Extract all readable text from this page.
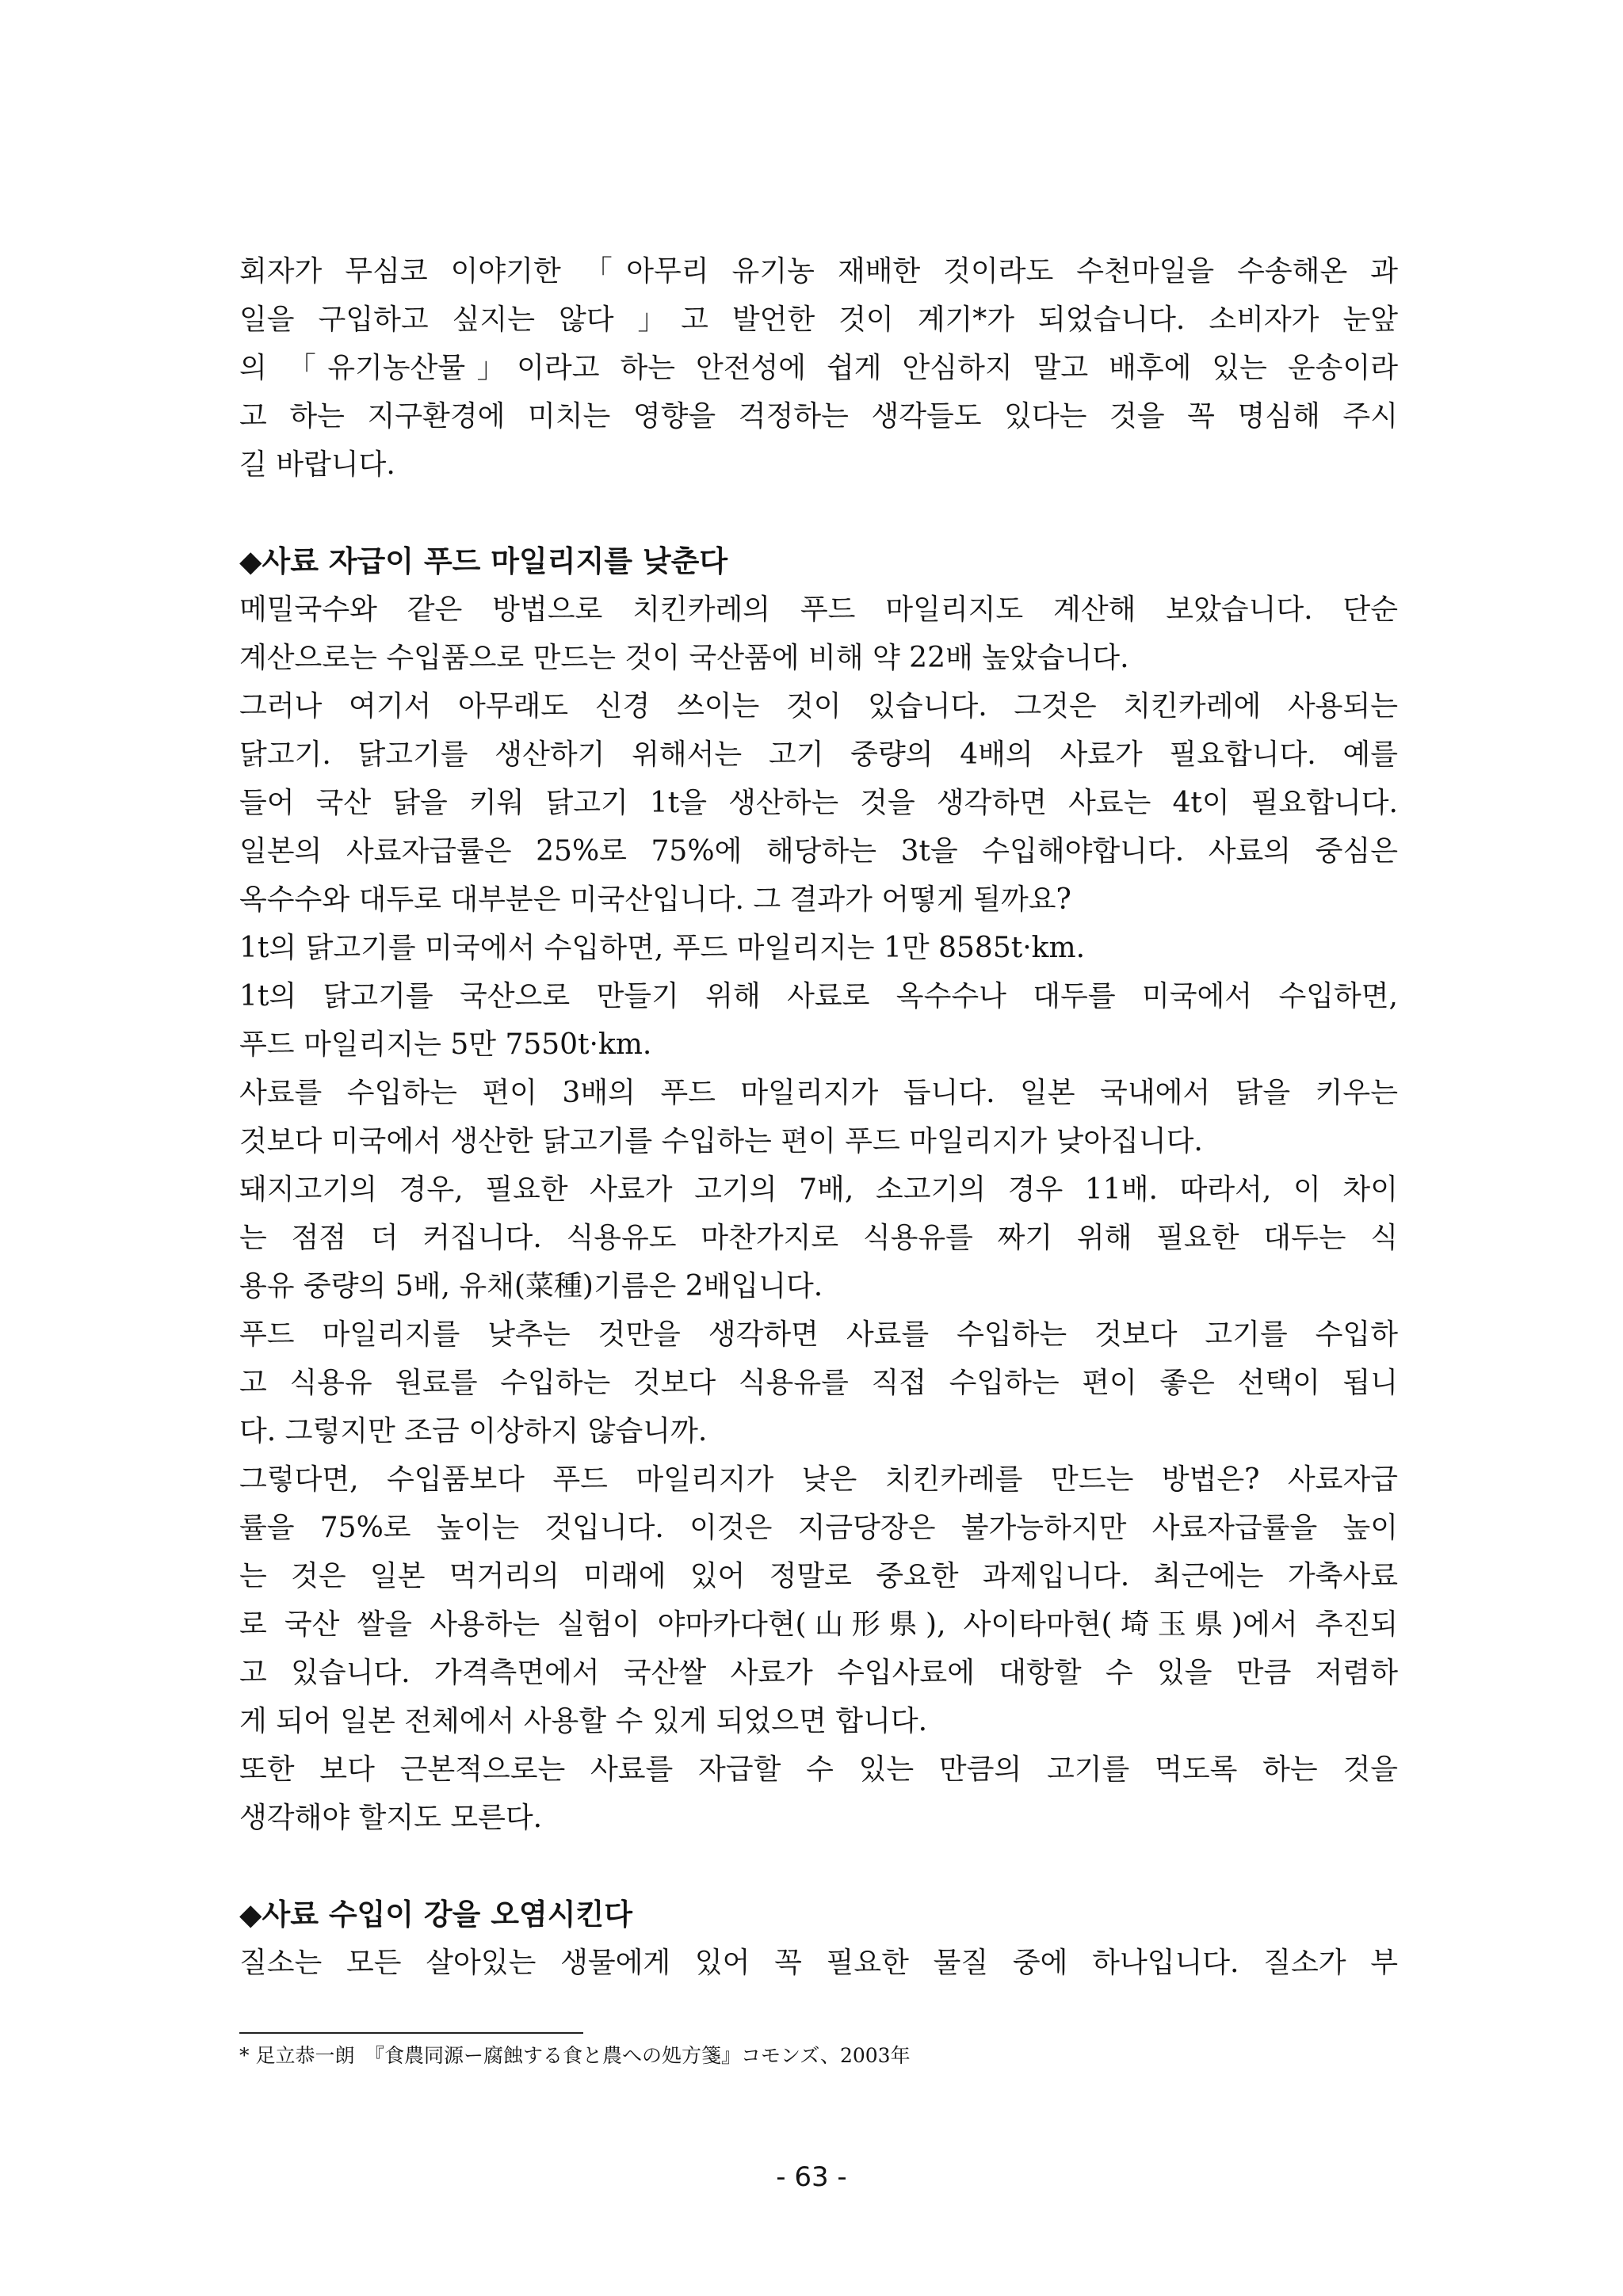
회자가 무심코 이야기한 「아무리 유기농 재배한 것이라도 수천마일을 수송해온 과
일을 구입하고 싶지는 않다 」고 발언한 것이 계기*가 되었습니다. 소비자가 눈앞
의 「유기농산물」이라고 하는 안전성에 쉽게 안심하지 말고 배후에 있는 운송이라
고 하는 지구환경에 미치는 영향을 걱정하는 생각들도 있다는 것을 꼭 명심해 주시
길 바랍니다.
◆사료 자급이 푸드 마일리지를 낮춘다
메밀국수와 같은 방법으로 치킨카레의 푸드 마일리지도 계산해 보았습니다. 단순
계산으로는 수입품으로 만드는 것이 국산품에 비해 약 22배 높았습니다.
그러나 여기서 아무래도 신경 쓰이는 것이 있습니다. 그것은 치킨카레에 사용되는
닭고기. 닭고기를 생산하기 위해서는 고기 중량의 4배의 사료가 필요합니다. 예를
들어 국산 닭을 키워 닭고기 1t을 생산하는 것을 생각하면 사료는 4t이 필요합니다.
일본의 사료자급률은 25%로 75%에 해당하는 3t을 수입해야합니다. 사료의 중심은
옥수수와 대두로 대부분은 미국산입니다. 그 결과가 어떻게 될까요?
1t의 닭고기를 미국에서 수입하면, 푸드 마일리지는 1만 8585t·km.
1t의 닭고기를 국산으로 만들기 위해 사료로 옥수수나 대두를 미국에서 수입하면,
푸드 마일리지는 5만 7550t·km.
사료를 수입하는 편이 3배의 푸드 마일리지가 듭니다. 일본 국내에서 닭을 키우는
것보다 미국에서 생산한 닭고기를 수입하는 편이 푸드 마일리지가 낮아집니다.
돼지고기의 경우, 필요한 사료가 고기의 7배, 소고기의 경우 11배. 따라서, 이 차이
는 점점 더 커집니다. 식용유도 마찬가지로 식용유를 짜기 위해 필요한 대두는 식
용유 중량의 5배, 유채(菜種)기름은 2배입니다.
푸드 마일리지를 낮추는 것만을 생각하면 사료를 수입하는 것보다 고기를 수입하
고 식용유 원료를 수입하는 것보다 식용유를 직접 수입하는 편이 좋은 선택이 됩니
다. 그렇지만 조금 이상하지 않습니까.
그렇다면, 수입품보다 푸드 마일리지가 낮은 치킨카레를 만드는 방법은? 사료자급
률을 75%로 높이는 것입니다. 이것은 지금당장은 불가능하지만 사료자급률을 높이
는 것은 일본 먹거리의 미래에 있어 정말로 중요한 과제입니다. 최근에는 가축사료
로 국산 쌀을 사용하는 실험이 야마카다현(山形県), 사이타마현(埼玉県)에서 추진되
고 있습니다. 가격측면에서 국산쌀 사료가 수입사료에 대항할 수 있을 만큼 저렴하
게 되어 일본 전체에서 사용할 수 있게 되었으면 합니다.
또한 보다 근본적으로는 사료를 자급할 수 있는 만큼의 고기를 먹도록 하는 것을
생각해야 할지도 모른다.
◆사료 수입이 강을 오염시킨다
질소는 모든 살아있는 생물에게 있어 꼭 필요한 물질 중에 하나입니다. 질소가 부
* 足立恭一朗　『食農同源ー腐蝕する食と農への処方箋』コモンズ、2003年
- 63 -
